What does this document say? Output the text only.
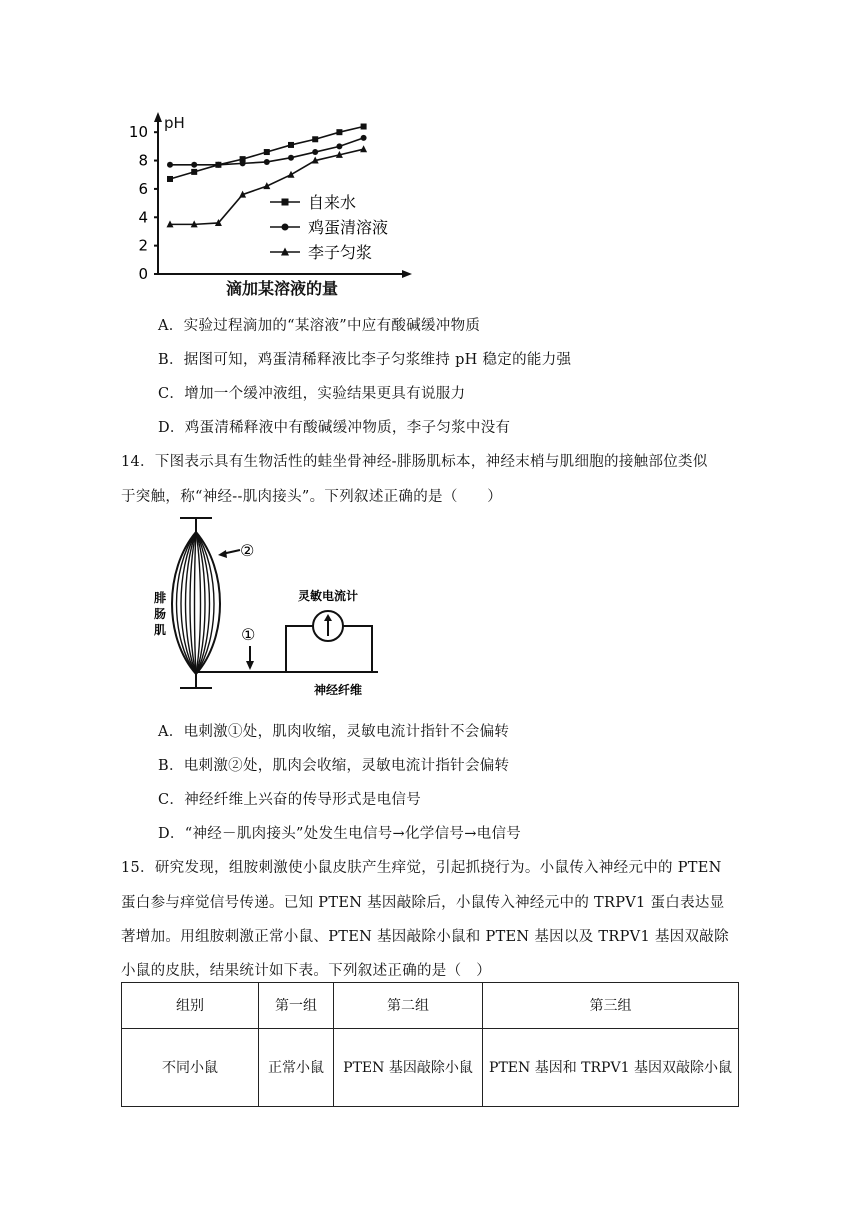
pH
0
2
4
6
8
10
自来水
鸡蛋清溶液
李子匀浆
滴加某溶液的量
A．实验过程滴加的“某溶液”中应有酸碱缓冲物质
B．据图可知，鸡蛋清稀释液比李子匀浆维持 pH 稳定的能力强
C．增加一个缓冲液组，实验结果更具有说服力
D．鸡蛋清稀释液中有酸碱缓冲物质，李子匀浆中没有
14．下图表示具有生物活性的蛙坐骨神经-腓肠肌标本，神经末梢与肌细胞的接触部位类似
于突触，称“神经--肌肉接头”。下列叙述正确的是（　　）
腓
肠
肌
②
①
灵敏电流计
神经纤维
A．电刺激①处，肌肉收缩，灵敏电流计指针不会偏转
B．电刺激②处，肌肉会收缩，灵敏电流计指针会偏转
C．神经纤维上兴奋的传导形式是电信号
D．“神经－肌肉接头”处发生电信号→化学信号→电信号
15．研究发现，组胺刺激使小鼠皮肤产生痒觉，引起抓挠行为。小鼠传入神经元中的 PTEN
蛋白参与痒觉信号传递。已知 PTEN 基因敲除后，小鼠传入神经元中的 TRPV1 蛋白表达显
著增加。用组胺刺激正常小鼠、PTEN 基因敲除小鼠和 PTEN 基因以及 TRPV1 基因双敲除
小鼠的皮肤，结果统计如下表。下列叙述正确的是（　）
组别	第一组	第二组	第三组
不同小鼠	正常小鼠	PTEN 基因敲除小鼠	PTEN 基因和 TRPV1 基因双敲除小鼠
